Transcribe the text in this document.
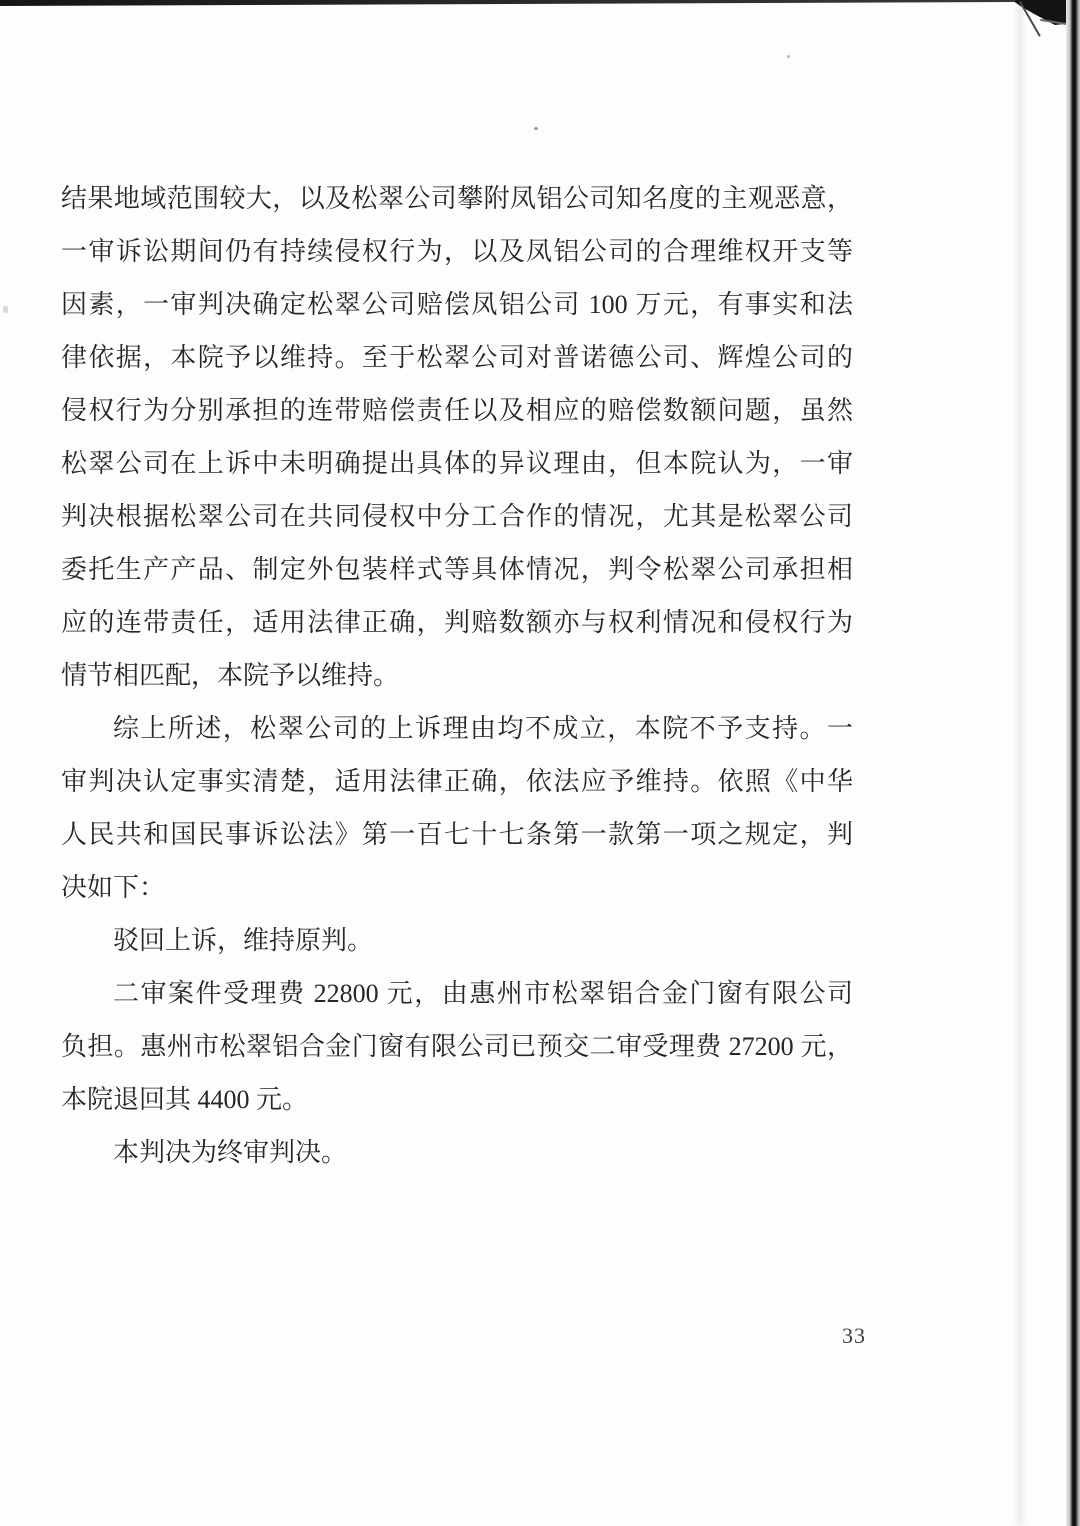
结果地域范围较大，以及松翠公司攀附凤铝公司知名度的主观恶意，
一审诉讼期间仍有持续侵权行为，以及凤铝公司的合理维权开支等
因素，一审判决确定松翠公司赔偿凤铝公司 100 万元，有事实和法
律依据，本院予以维持。至于松翠公司对普诺德公司、辉煌公司的
侵权行为分别承担的连带赔偿责任以及相应的赔偿数额问题，虽然
松翠公司在上诉中未明确提出具体的异议理由，但本院认为，一审
判决根据松翠公司在共同侵权中分工合作的情况，尤其是松翠公司
委托生产产品、制定外包装样式等具体情况，判令松翠公司承担相
应的连带责任，适用法律正确，判赔数额亦与权利情况和侵权行为
情节相匹配，本院予以维持。
综上所述，松翠公司的上诉理由均不成立，本院不予支持。一
审判决认定事实清楚，适用法律正确，依法应予维持。依照《中华
人民共和国民事诉讼法》第一百七十七条第一款第一项之规定，判
决如下：
驳回上诉，维持原判。
二审案件受理费 22800 元，由惠州市松翠铝合金门窗有限公司
负担。惠州市松翠铝合金门窗有限公司已预交二审受理费 27200 元，
本院退回其 4400 元。
本判决为终审判决。
33
